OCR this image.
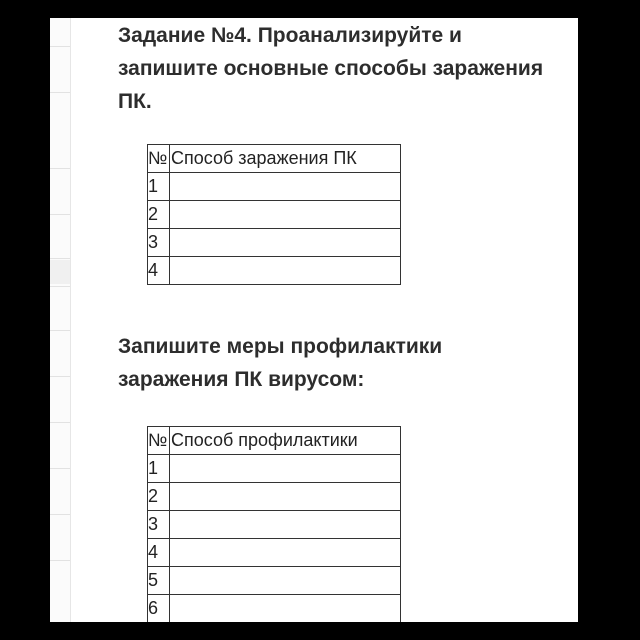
Задание №4. Проанализируйте и запишите основные способы заражения ПК.
№	Способ заражения ПК
1	
2	
3	
4	
Запишите меры профилактики заражения ПК вирусом:
№	Способ профилактики
1	
2	
3	
4	
5	
6	
